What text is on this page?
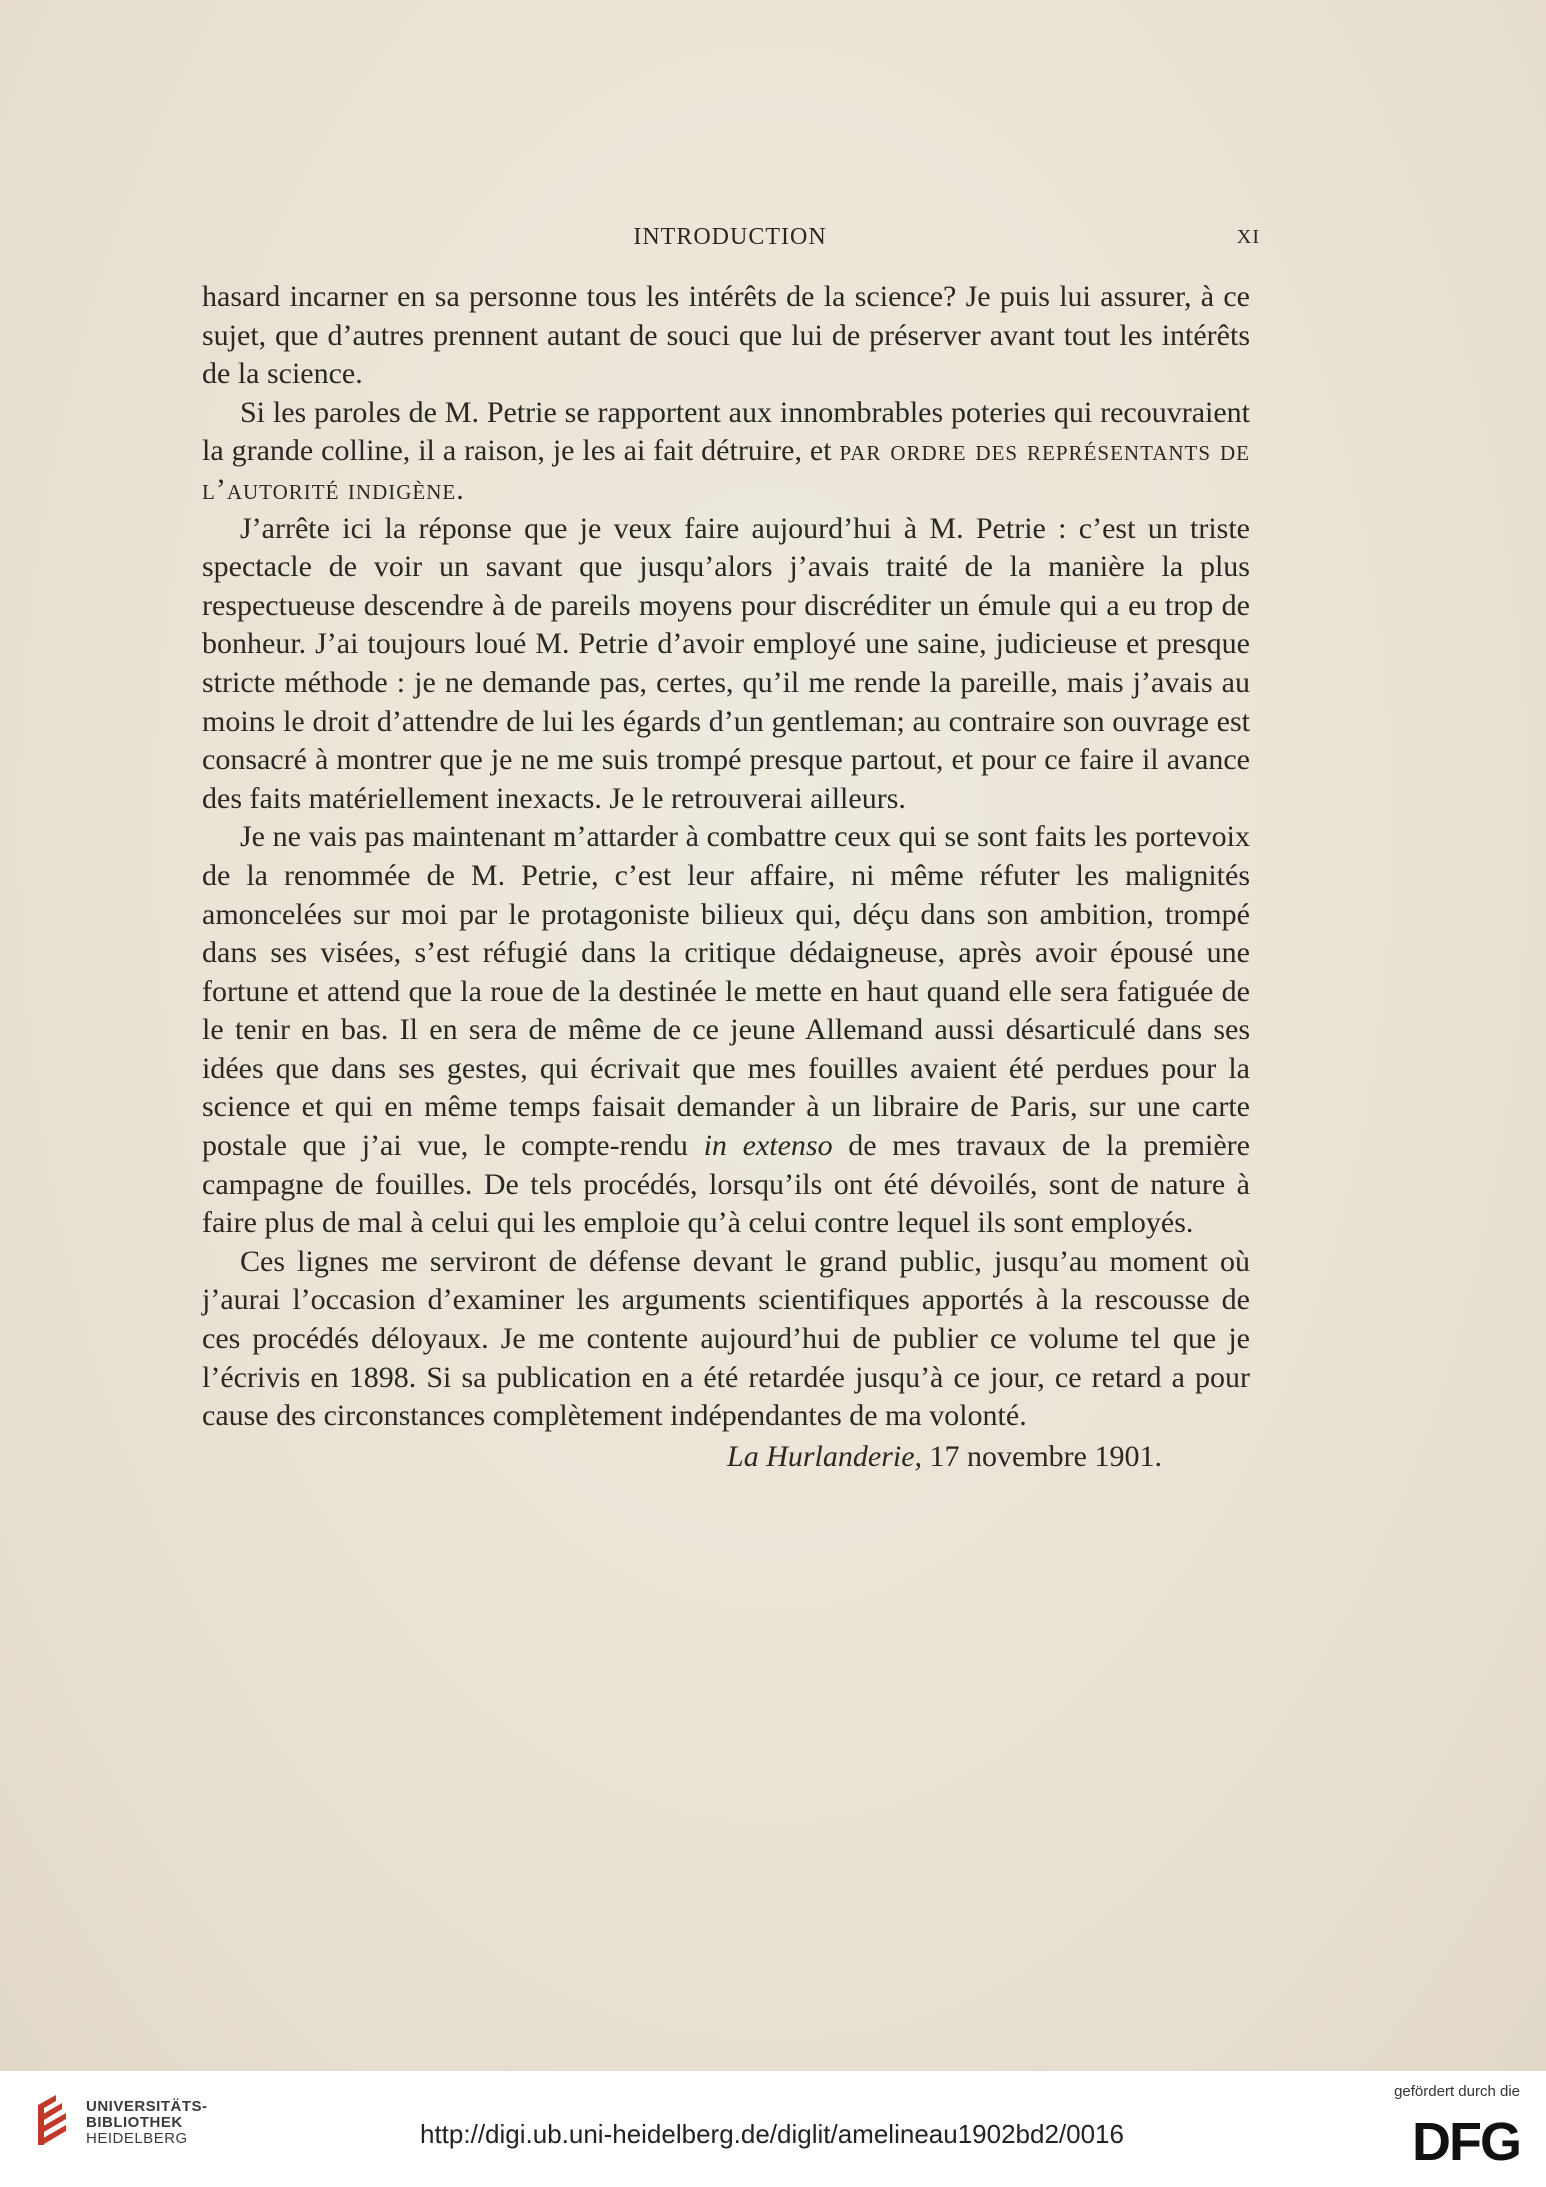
INTRODUCTION	XI

hasard incarner en sa personne tous les intérêts de la science? Je puis lui assurer, à ce sujet, que d’autres prennent autant de souci que lui de préserver avant tout les intérêts de la science.

Si les paroles de M. Petrie se rapportent aux innombrables poteries qui recouvraient la grande colline, il a raison, je les ai fait détruire, et par ordre des représentants de l’autorité indigène.

J’arrête ici la réponse que je veux faire aujourd’hui à M. Petrie : c’est un triste spectacle de voir un savant que jusqu’alors j’avais traité de la manière la plus respectueuse descendre à de pareils moyens pour discréditer un émule qui a eu trop de bonheur. J’ai toujours loué M. Petrie d’avoir employé une saine, judicieuse et presque stricte méthode : je ne demande pas, certes, qu’il me rende la pareille, mais j’avais au moins le droit d’attendre de lui les égards d’un gentleman; au contraire son ouvrage est consacré à montrer que je ne me suis trompé presque partout, et pour ce faire il avance des faits matériellement inexacts. Je le retrouverai ailleurs.

Je ne vais pas maintenant m’attarder à combattre ceux qui se sont faits les portevoix de la renommée de M. Petrie, c’est leur affaire, ni même réfuter les malignités amoncelées sur moi par le protagoniste bilieux qui, déçu dans son ambition, trompé dans ses visées, s’est réfugié dans la critique dédaigneuse, après avoir épousé une fortune et attend que la roue de la destinée le mette en haut quand elle sera fatiguée de le tenir en bas. Il en sera de même de ce jeune Allemand aussi désarticulé dans ses idées que dans ses gestes, qui écrivait que mes fouilles avaient été perdues pour la science et qui en même temps faisait demander à un libraire de Paris, sur une carte postale que j’ai vue, le compte-rendu in extenso de mes travaux de la première campagne de fouilles. De tels procédés, lorsqu’ils ont été dévoilés, sont de nature à faire plus de mal à celui qui les emploie qu’à celui contre lequel ils sont employés.

Ces lignes me serviront de défense devant le grand public, jusqu’au moment où j’aurai l’occasion d’examiner les arguments scientifiques apportés à la rescousse de ces procédés déloyaux. Je me contente aujourd’hui de publier ce volume tel que je l’écrivis en 1898. Si sa publication en a été retardée jusqu’à ce jour, ce retard a pour cause des circonstances complètement indépendantes de ma volonté.

La Hurlanderie, 17 novembre 1901.
UNIVERSITÄTS-
BIBLIOTHEK
HEIDELBERG	http://digi.ub.uni-heidelberg.de/diglit/amelineau1902bd2/0016
gefördert durch die
DFG
